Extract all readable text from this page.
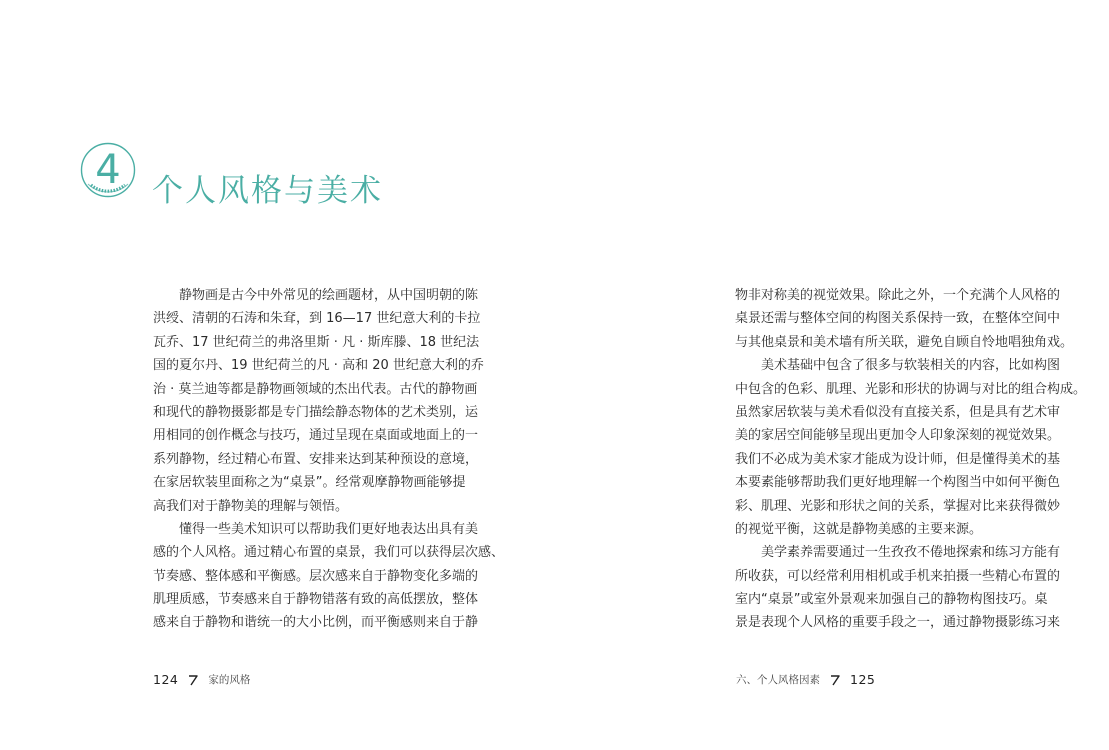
4	个人风格与美术

静物画是古今中外常见的绘画题材，从中国明朝的陈
洪绶、清朝的石涛和朱耷，到 16—17 世纪意大利的卡拉
瓦乔、17 世纪荷兰的弗洛里斯 · 凡 · 斯库滕、18 世纪法
国的夏尔丹、19 世纪荷兰的凡 · 高和 20 世纪意大利的乔
治 · 莫兰迪等都是静物画领域的杰出代表。古代的静物画
和现代的静物摄影都是专门描绘静态物体的艺术类别，运
用相同的创作概念与技巧，通过呈现在桌面或地面上的一
系列静物，经过精心布置、安排来达到某种预设的意境，
在家居软装里面称之为“桌景”。经常观摩静物画能够提
高我们对于静物美的理解与领悟。

懂得一些美术知识可以帮助我们更好地表达出具有美
感的个人风格。通过精心布置的桌景，我们可以获得层次感、
节奏感、整体感和平衡感。层次感来自于静物变化多端的
肌理质感，节奏感来自于静物错落有致的高低摆放，整体
感来自于静物和谐统一的大小比例，而平衡感则来自于静

物非对称美的视觉效果。除此之外，一个充满个人风格的
桌景还需与整体空间的构图关系保持一致，在整体空间中
与其他桌景和美术墙有所关联，避免自顾自怜地唱独角戏。

美术基础中包含了很多与软装相关的内容，比如构图
中包含的色彩、肌理、光影和形状的协调与对比的组合构成。
虽然家居软装与美术看似没有直接关系，但是具有艺术审
美的家居空间能够呈现出更加令人印象深刻的视觉效果。
我们不必成为美术家才能成为设计师，但是懂得美术的基
本要素能够帮助我们更好地理解一个构图当中如何平衡色
彩、肌理、光影和形状之间的关系，掌握对比来获得微妙
的视觉平衡，这就是静物美感的主要来源。

美学素养需要通过一生孜孜不倦地探索和练习方能有
所收获，可以经常利用相机或手机来拍摄一些精心布置的
室内“桌景”或室外景观来加强自己的静物构图技巧。桌
景是表现个人风格的重要手段之一，通过静物摄影练习来

124	家的风格	六、个人风格因素 125
